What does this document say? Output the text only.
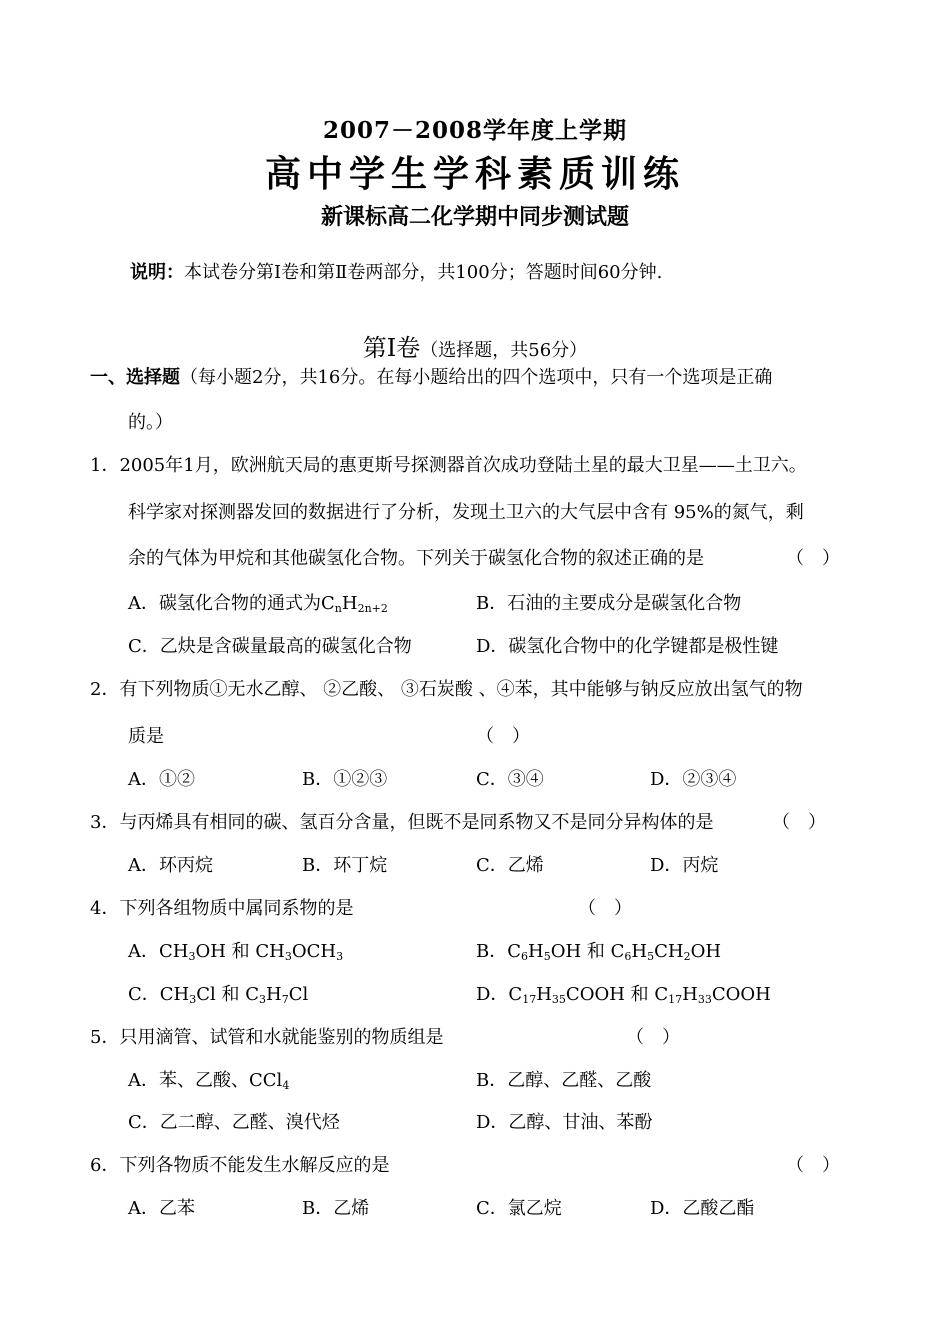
2007－2008学年度上学期
高中学生学科素质训练
新课标高二化学期中同步测试题
说明：本试卷分第Ⅰ卷和第Ⅱ卷两部分，共100分；答题时间60分钟.
第Ⅰ卷（选择题，共56分）
一、选择题（每小题2分，共16分。在每小题给出的四个选项中，只有一个选项是正确
的。）
1．2005年1月，欧洲航天局的惠更斯号探测器首次成功登陆土星的最大卫星——土卫六。
科学家对探测器发回的数据进行了分析，发现土卫六的大气层中含有 95%的氮气，剩
余的气体为甲烷和其他碳氢化合物。下列关于碳氢化合物的叙述正确的是	（　）
A．碳氢化合物的通式为$C_nH_{2n+2}$	B．石油的主要成分是碳氢化合物
C．乙炔是含碳量最高的碳氢化合物	D．碳氢化合物中的化学键都是极性键
2．有下列物质①无水乙醇、 ②乙酸、 ③石炭酸 、④苯，其中能够与钠反应放出氢气的物
质是	（　）
A．①②	B．①②③	C．③④	D．②③④
3．与丙烯具有相同的碳、氢百分含量，但既不是同系物又不是同分异构体的是	（　）
A．环丙烷	B．环丁烷	C．乙烯	D．丙烷
4．下列各组物质中属同系物的是	（　）
A．$CH_3OH$ 和 $CH_3OCH_3$	B．$C_6H_5OH$ 和 $C_6H_5CH_2OH$
C．$CH_3Cl$ 和 $C_3H_7Cl$	D．$C_{17}H_{35}COOH$ 和 $C_{17}H_{33}COOH$
5．只用滴管、试管和水就能鉴别的物质组是	（　）
A．苯、乙酸、CCl$_4$	B．乙醇、乙醛、乙酸
C．乙二醇、乙醛、溴代烃	D．乙醇、甘油、苯酚
6．下列各物质不能发生水解反应的是	（　）
A．乙苯	B．乙烯	C．氯乙烷	D．乙酸乙酯
